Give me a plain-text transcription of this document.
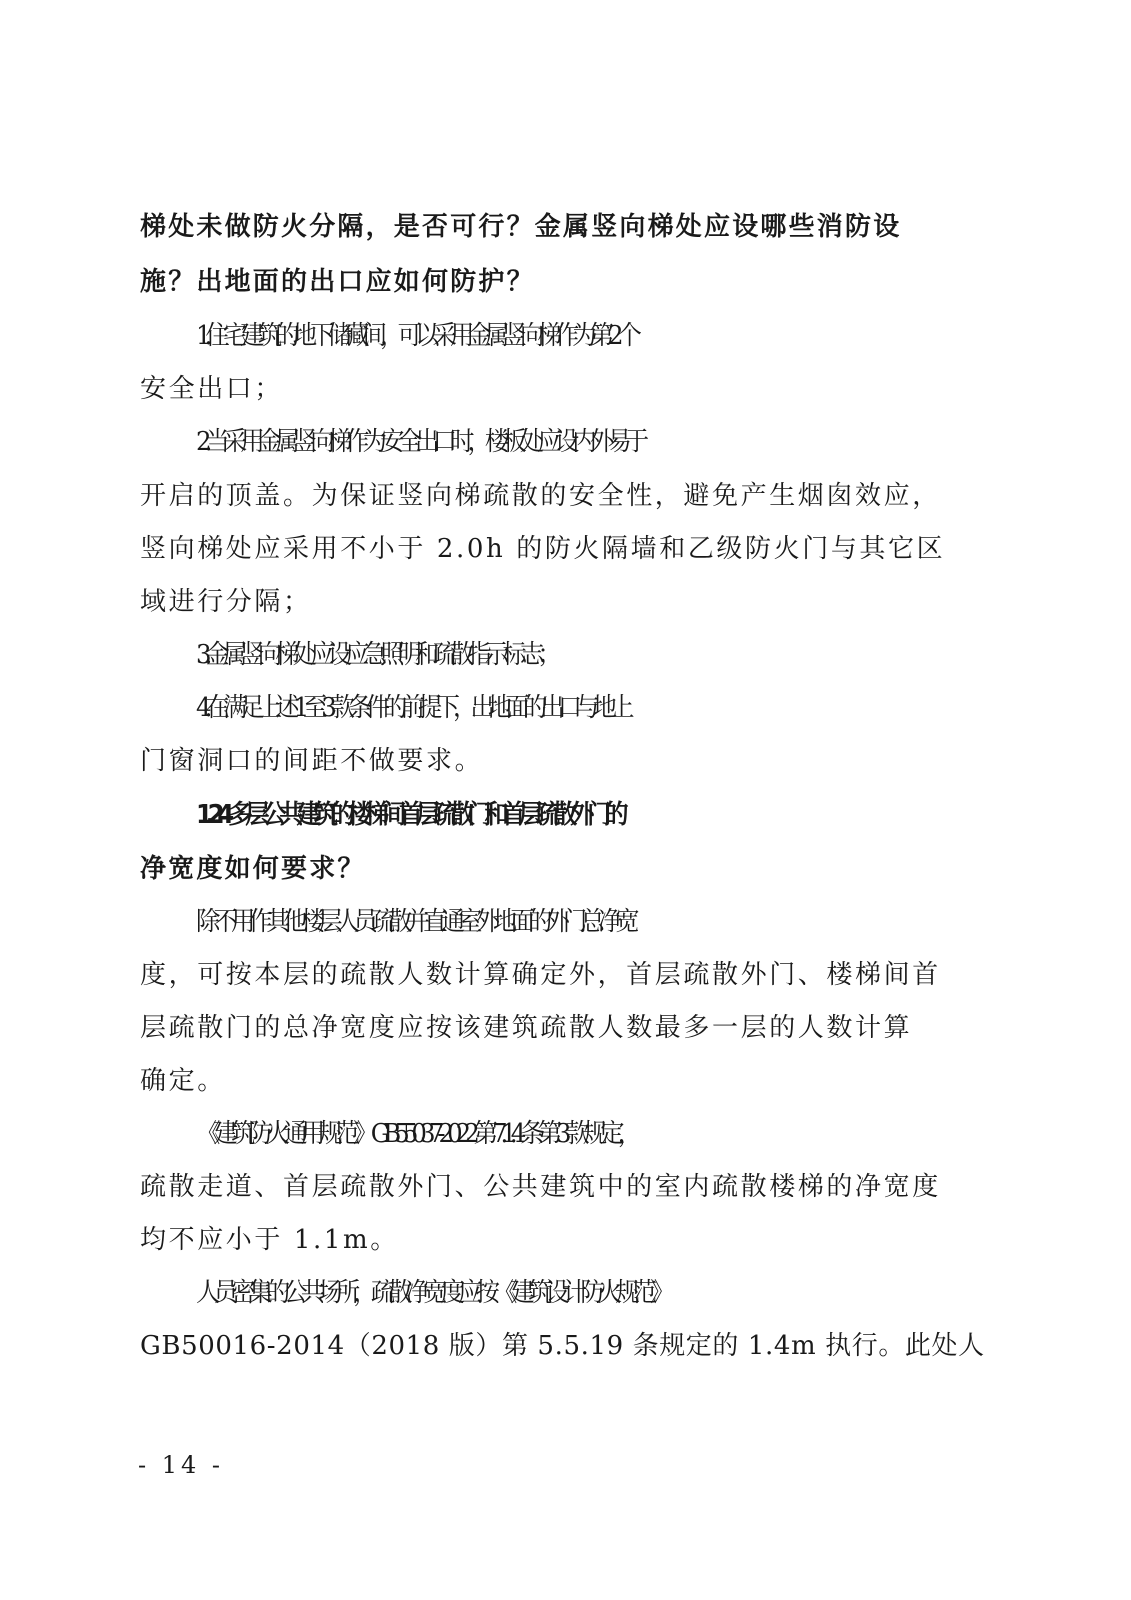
梯处未做防火分隔，是否可行？金属竖向梯处应设哪些消防设
施？出地面的出口应如何防护？
1.住宅建筑的地下储藏间，可以采用金属竖向梯作为第 2 个
安全出口；
2.当采用金属竖向梯作为安全出口时，楼板处应设内外易于
开启的顶盖。为保证竖向梯疏散的安全性，避免产生烟囱效应，
竖向梯处应采用不小于 2.0h 的防火隔墙和乙级防火门与其它区
域进行分隔；
3.金属竖向梯处应设应急照明和疏散指示标志；
4.在满足上述 1 至 3 款条件的前提下，出地面的出口与地上
门窗洞口的间距不做要求。
1.24 多层公共建筑的楼梯间首层疏散门和首层疏散外门的
净宽度如何要求？
除不用作其他楼层人员疏散并直通室外地面的外门总净宽
度，可按本层的疏散人数计算确定外，首层疏散外门、楼梯间首
层疏散门的总净宽度应按该建筑疏散人数最多一层的人数计算
确定。
《建筑防火通用规范》GB55037-2022 第 7.1.4 条第 3 款规定，
疏散走道、首层疏散外门、公共建筑中的室内疏散楼梯的净宽度
均不应小于 1.1m。
人员密集的公共场所，疏散净宽度应按《建筑设计防火规范》
GB50016-2014（2018 版）第 5.5.19 条规定的 1.4m 执行。此处人
- 14 -
